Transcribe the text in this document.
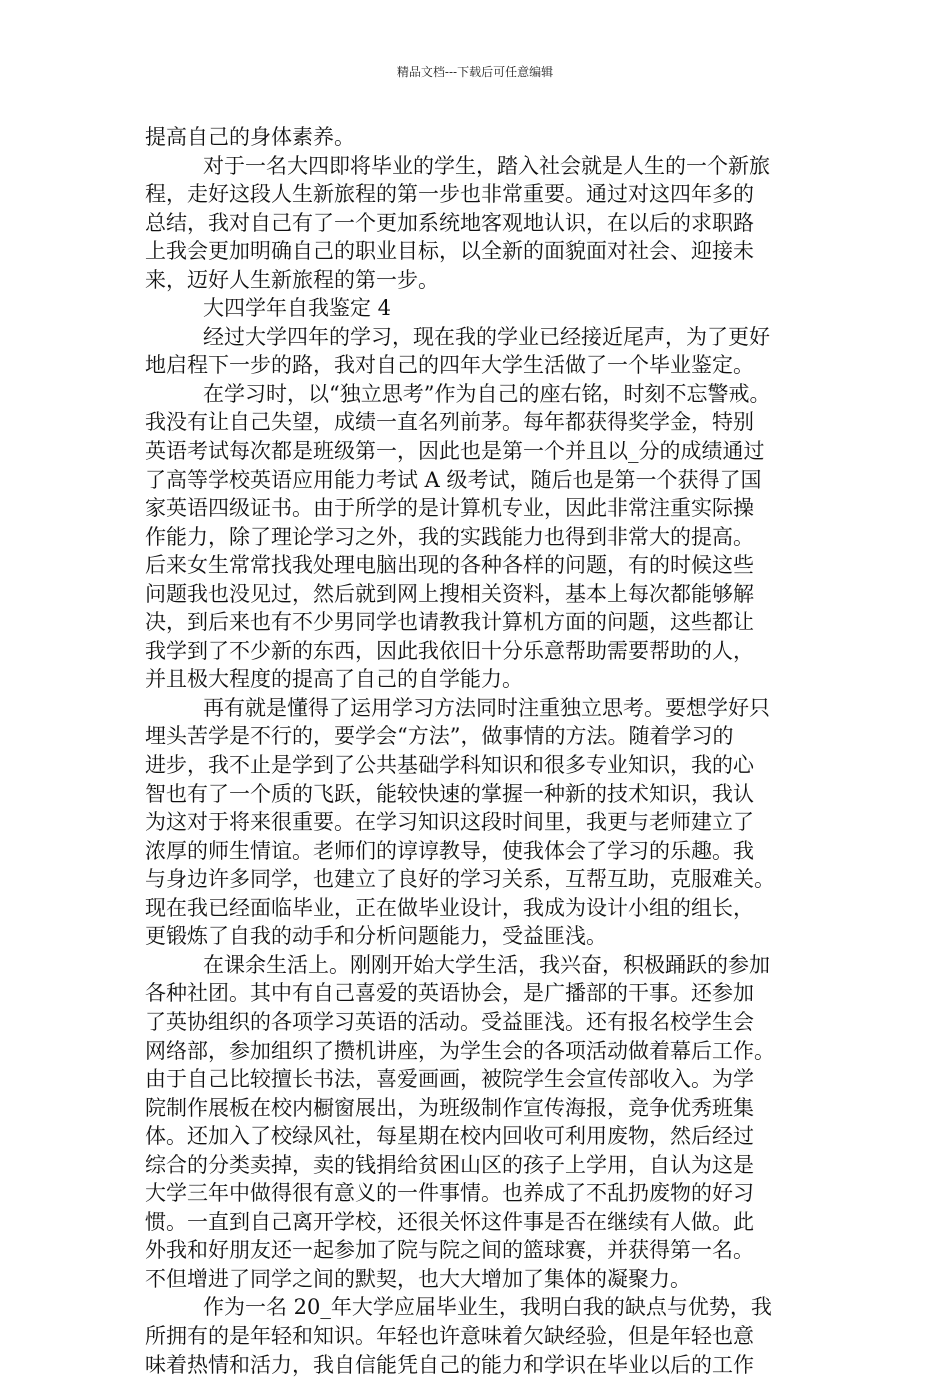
精品文档---下载后可任意编辑
提高自己的身体素养。
对于一名大四即将毕业的学生，踏入社会就是人生的一个新旅
程，走好这段人生新旅程的第一步也非常重要。通过对这四年多的
总结，我对自己有了一个更加系统地客观地认识，在以后的求职路
上我会更加明确自己的职业目标，以全新的面貌面对社会、迎接未
来，迈好人生新旅程的第一步。
大四学年自我鉴定 4
经过大学四年的学习，现在我的学业已经接近尾声，为了更好
地启程下一步的路，我对自己的四年大学生活做了一个毕业鉴定。
在学习时，以“独立思考”作为自己的座右铭，时刻不忘警戒。
我没有让自己失望，成绩一直名列前茅。每年都获得奖学金，特别
英语考试每次都是班级第一，因此也是第一个并且以_分的成绩通过
了高等学校英语应用能力考试 A 级考试，随后也是第一个获得了国
家英语四级证书。由于所学的是计算机专业，因此非常注重实际操
作能力，除了理论学习之外，我的实践能力也得到非常大的提高。
后来女生常常找我处理电脑出现的各种各样的问题，有的时候这些
问题我也没见过，然后就到网上搜相关资料，基本上每次都能够解
决，到后来也有不少男同学也请教我计算机方面的问题，这些都让
我学到了不少新的东西，因此我依旧十分乐意帮助需要帮助的人，
并且极大程度的提高了自己的自学能力。
再有就是懂得了运用学习方法同时注重独立思考。要想学好只
埋头苦学是不行的，要学会“方法”，做事情的方法。随着学习的
进步，我不止是学到了公共基础学科知识和很多专业知识，我的心
智也有了一个质的飞跃，能较快速的掌握一种新的技术知识，我认
为这对于将来很重要。在学习知识这段时间里，我更与老师建立了
浓厚的师生情谊。老师们的谆谆教导，使我体会了学习的乐趣。我
与身边许多同学，也建立了良好的学习关系，互帮互助，克服难关。
现在我已经面临毕业，正在做毕业设计，我成为设计小组的组长，
更锻炼了自我的动手和分析问题能力，受益匪浅。
在课余生活上。刚刚开始大学生活，我兴奋，积极踊跃的参加
各种社团。其中有自己喜爱的英语协会，是广播部的干事。还参加
了英协组织的各项学习英语的活动。受益匪浅。还有报名校学生会
网络部，参加组织了攒机讲座，为学生会的各项活动做着幕后工作。
由于自己比较擅长书法，喜爱画画，被院学生会宣传部收入。为学
院制作展板在校内橱窗展出，为班级制作宣传海报，竞争优秀班集
体。还加入了校绿风社，每星期在校内回收可利用废物，然后经过
综合的分类卖掉，卖的钱捐给贫困山区的孩子上学用，自认为这是
大学三年中做得很有意义的一件事情。也养成了不乱扔废物的好习
惯。一直到自己离开学校，还很关怀这件事是否在继续有人做。此
外我和好朋友还一起参加了院与院之间的篮球赛，并获得第一名。
不但增进了同学之间的默契，也大大增加了集体的凝聚力。
作为一名 20_年大学应届毕业生，我明白我的缺点与优势，我
所拥有的是年轻和知识。年轻也许意味着欠缺经验，但是年轻也意
味着热情和活力，我自信能凭自己的能力和学识在毕业以后的工作
